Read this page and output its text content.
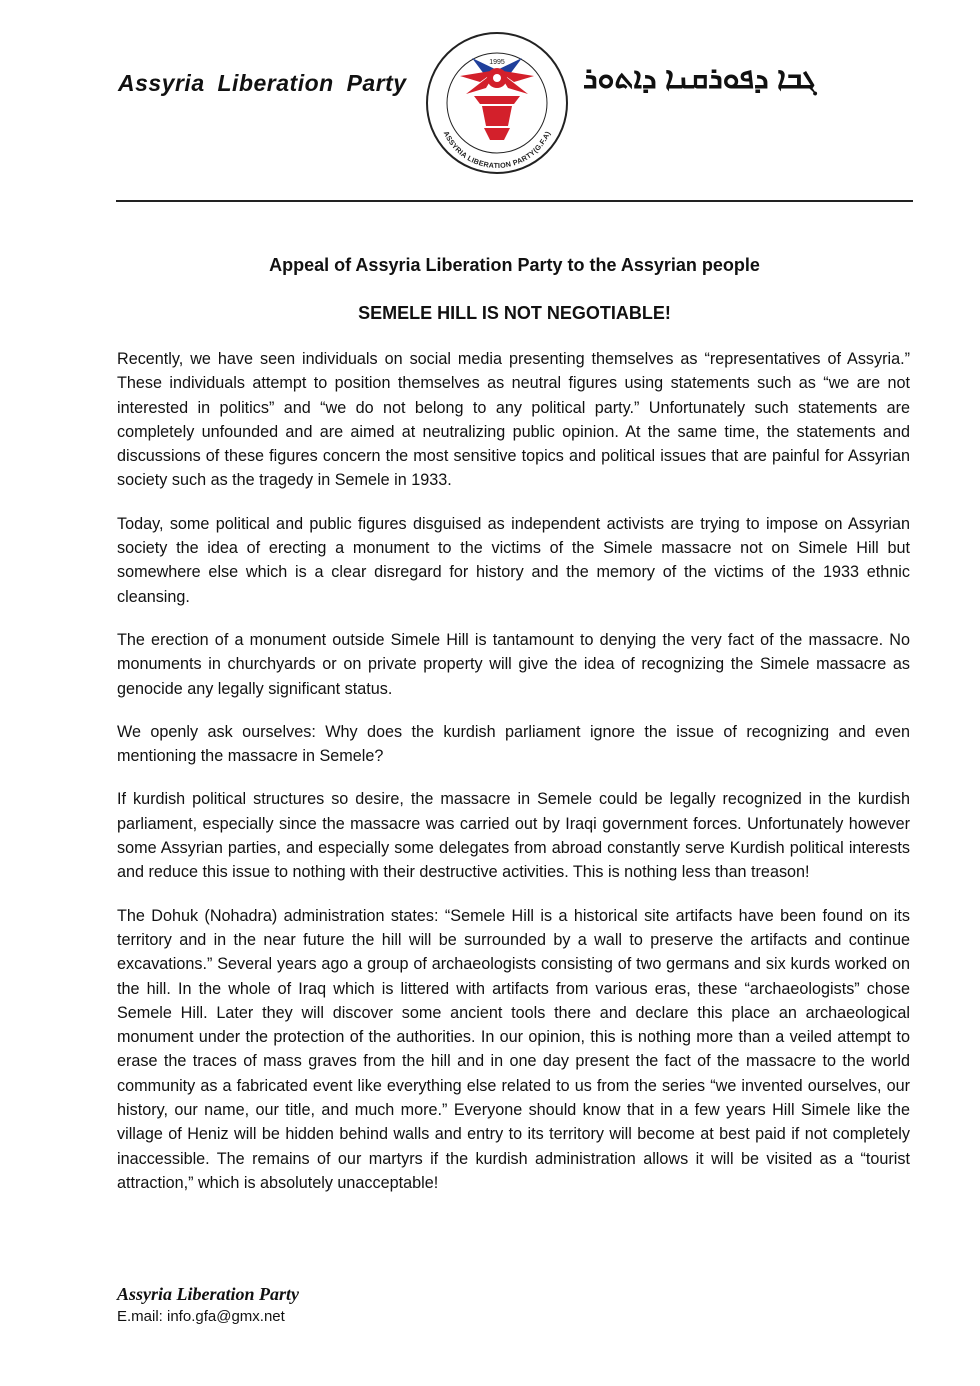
Assyria Liberation Party
ASSYRIA LIBERATION PARTY(G.F.A)
1995	ܓܒܐ ܕܦܘܪܩܢܐ ܕܐܬܘܪ
Appeal of Assyria Liberation Party to the Assyrian people
SEMELE HILL IS NOT NEGOTIABLE!

Recently, we have seen individuals on social media presenting themselves as “representatives of Assyria.” These individuals attempt to position themselves as neutral figures using statements such as “we are not interested in politics” and “we do not belong to any political party.” Unfortunately such statements are completely unfounded and are aimed at neutralizing public opinion. At the same time, the statements and discussions of these figures concern the most sensitive topics and political issues that are painful for Assyrian society such as the tragedy in Semele in 1933.

Today, some political and public figures disguised as independent activists are trying to impose on Assyrian society the idea of erecting a monument to the victims of the Simele massacre not on Simele Hill but somewhere else which is a clear disregard for history and the memory of the victims of the 1933 ethnic cleansing.

The erection of a monument outside Simele Hill is tantamount to denying the very fact of the massacre. No monuments in churchyards or on private property will give the idea of recognizing the Simele massacre as genocide any legally significant status.

We openly ask ourselves: Why does the kurdish parliament ignore the issue of recognizing and even mentioning the massacre in Semele?

If kurdish political structures so desire, the massacre in Semele could be legally recognized in the kurdish parliament, especially since the massacre was carried out by Iraqi government forces. Unfortunately however some Assyrian parties, and especially some delegates from abroad constantly serve Kurdish political interests and reduce this issue to nothing with their destructive activities. This is nothing less than treason!

The Dohuk (Nohadra) administration states: “Semele Hill is a historical site artifacts have been found on its territory and in the near future the hill will be surrounded by a wall to preserve the artifacts and continue excavations.” Several years ago a group of archaeologists consisting of two germans and six kurds worked on the hill. In the whole of Iraq which is littered with artifacts from various eras, these “archaeologists” chose Semele Hill. Later they will discover some ancient tools there and declare this place an archaeological monument under the protection of the authorities. In our opinion, this is nothing more than a veiled attempt to erase the traces of mass graves from the hill and in one day present the fact of the massacre to the world community as a fabricated event like everything else related to us from the series “we invented ourselves, our history, our name, our title, and much more.” Everyone should know that in a few years Hill Simele like the village of Heniz will be hidden behind walls and entry to its territory will become at best paid if not completely inaccessible. The remains of our martyrs if the kurdish administration allows it will be visited as a “tourist attraction,” which is absolutely unacceptable!

Assyria Liberation Party
E.mail: info.gfa@gmx.net
